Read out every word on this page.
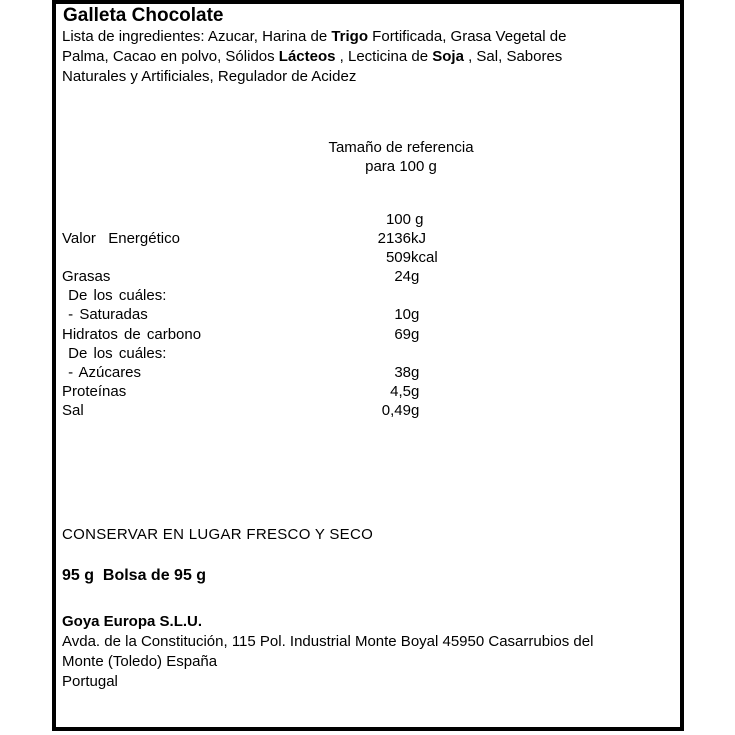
Galleta Chocolate
Lista de ingredientes: Azucar, Harina de Trigo Fortificada, Grasa Vegetal de
Palma, Cacao en polvo, Sólidos Lácteos , Lecticina de Soja , Sal, Sabores
Naturales y Artificiales, Regulador de Acidez
Tamaño de referencia
para 100 g
100 g
Valor  Energético	2136 kJ
509 kcal
Grasas	24 g
De los cuáles:
- Saturadas	10 g
Hidratos de carbono	69 g
De los cuáles:
- Azúcares	38 g
Proteínas	4,5 g
Sal	0,49 g
CONSERVAR EN LUGAR FRESCO Y SECO
95 g  Bolsa de 95 g
Goya Europa S.L.U.
Avda. de la Constitución, 115 Pol. Industrial Monte Boyal 45950 Casarrubios del
Monte (Toledo) España
Portugal
